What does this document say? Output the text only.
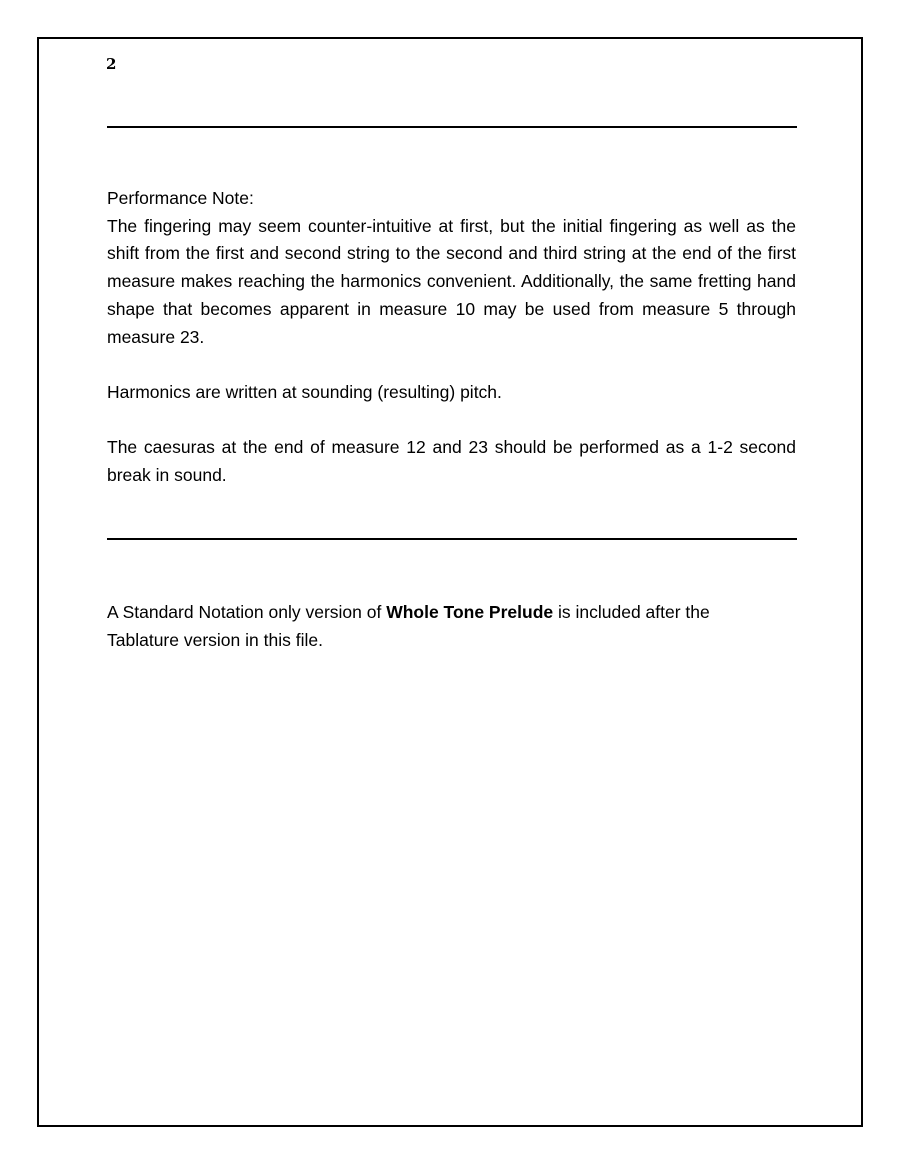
2

Performance Note:

The fingering may seem counter-intuitive at first, but the initial fingering as well as the shift from the first and second string to the second and third string at the end of the first measure makes reaching the harmonics convenient. Additionally, the same fretting hand shape that becomes apparent in measure 10 may be used from measure 5 through measure 23.

Harmonics are written at sounding (resulting) pitch.

The caesuras at the end of measure 12 and 23 should be performed as a 1-2 second break in sound.

A Standard Notation only version of Whole Tone Prelude is included after the

Tablature version in this file.
